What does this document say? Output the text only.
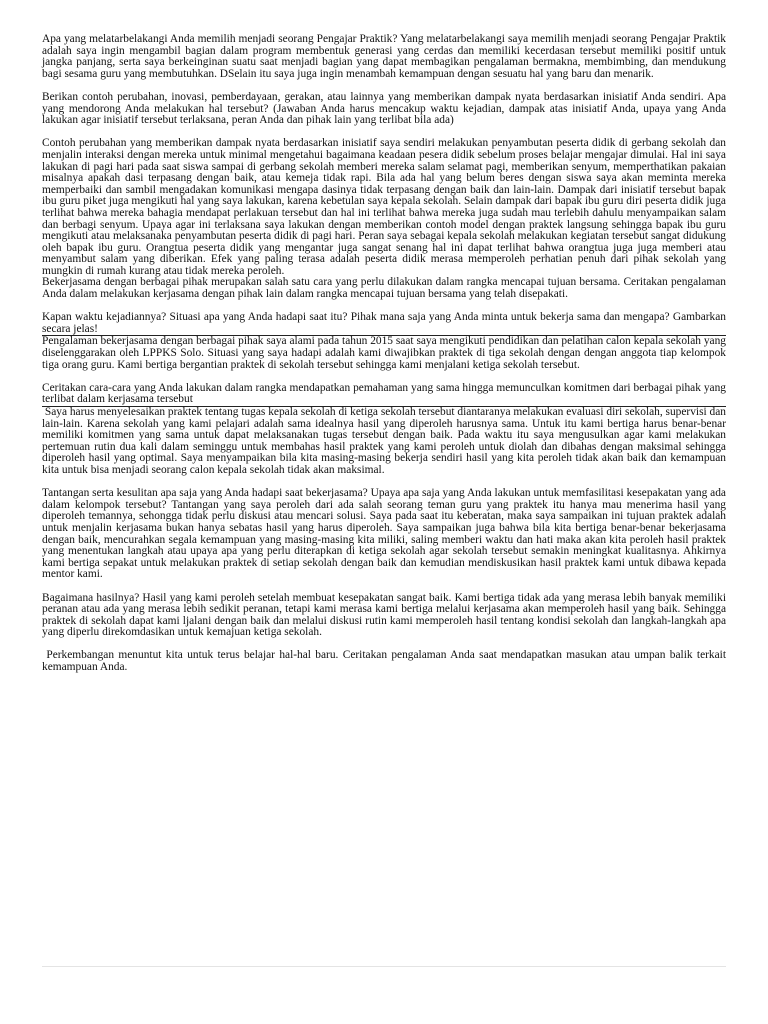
Apa yang melatarbelakangi Anda memilih menjadi seorang Pengajar Praktik? Yang melatarbelakangi saya memilih menjadi seorang Pengajar Praktik adalah saya ingin mengambil bagian dalam program membentuk generasi yang cerdas dan memiliki kecerdasan tersebut memiliki positif untuk jangka panjang, serta saya berkeinginan suatu saat menjadi bagian yang dapat membagikan pengalaman bermakna, membimbing, dan mendukung bagi sesama guru yang membutuhkan. DSelain itu saya juga ingin menambah kemampuan dengan sesuatu hal yang baru dan menarik.

Berikan contoh perubahan, inovasi, pemberdayaan, gerakan, atau lainnya yang memberikan dampak nyata berdasarkan inisiatif Anda sendiri. Apa yang mendorong Anda melakukan hal tersebut? (Jawaban Anda harus mencakup waktu kejadian, dampak atas inisiatif Anda, upaya yang Anda lakukan agar inisiatif tersebut terlaksana, peran Anda dan pihak lain yang terlibat bila ada)

Contoh perubahan yang memberikan dampak nyata berdasarkan inisiatif saya sendiri melakukan penyambutan peserta didik di gerbang sekolah dan menjalin interaksi dengan mereka untuk minimal mengetahui bagaimana keadaan pesera didik sebelum proses belajar mengajar dimulai. Hal ini saya lakukan di pagi hari pada saat siswa sampai di gerbang sekolah memberi mereka salam selamat pagi, memberikan senyum, memperthatikan pakaian misalnya apakah dasi terpasang dengan baik, atau kemeja tidak rapi. Bila ada hal yang belum beres dengan siswa saya akan meminta mereka memperbaiki dan sambil mengadakan komunikasi mengapa dasinya tidak terpasang dengan baik dan lain-lain. Dampak dari inisiatif tersebut bapak ibu guru piket juga mengikuti hal yang saya lakukan, karena kebetulan saya kepala sekolah. Selain dampak dari bapak ibu guru diri peserta didik juga terlihat bahwa mereka bahagia mendapat perlakuan tersebut dan hal ini terlihat bahwa mereka juga sudah mau terlebih dahulu menyampaikan salam dan berbagi senyum. Upaya agar ini terlaksana saya lakukan dengan memberikan contoh model dengan praktek langsung sehingga bapak ibu guru mengikuti atau melaksanaka penyambutan peserta didik di pagi hari. Peran saya sebagai kepala sekolah melakukan kegiatan tersebut sangat didukung oleh bapak ibu guru. Orangtua peserta didik yang mengantar juga sangat senang hal ini dapat terlihat bahwa orangtua juga juga memberi atau menyambut salam yang diberikan. Efek yang paling terasa adalah peserta didik merasa memperoleh perhatian penuh dari pihak sekolah yang mungkin di rumah kurang atau tidak mereka peroleh.

Bekerjasama dengan berbagai pihak merupakan salah satu cara yang perlu dilakukan dalam rangka mencapai tujuan bersama. Ceritakan pengalaman Anda dalam melakukan kerjasama dengan pihak lain dalam rangka mencapai tujuan bersama yang telah disepakati.

Kapan waktu kejadiannya? Situasi apa yang Anda hadapi saat itu? Pihak mana saja yang Anda minta untuk bekerja sama dan mengapa? Gambarkan secara jelas!

Pengalaman bekerjasama dengan berbagai pihak saya alami pada tahun 2015 saat saya mengikuti pendidikan dan pelatihan calon kepala sekolah yang diselenggarakan oleh LPPKS Solo. Situasi yang saya hadapi adalah kami diwajibkan praktek di tiga sekolah dengan dengan anggota tiap kelompok tiga orang guru. Kami bertiga bergantian praktek di sekolah tersebut sehingga kami menjalani ketiga sekolah tersebut.

Ceritakan cara-cara yang Anda lakukan dalam rangka mendapatkan pemahaman yang sama hingga memunculkan komitmen dari berbagai pihak yang terlibat dalam kerjasama tersebut

Saya harus menyelesaikan praktek tentang tugas kepala sekolah di ketiga sekolah tersebut diantaranya melakukan evaluasi diri sekolah, supervisi dan lain-lain. Karena sekolah yang kami pelajari adalah sama idealnya hasil yang diperoleh harusnya sama. Untuk itu kami bertiga harus benar-benar memiliki komitmen yang sama untuk dapat melaksanakan tugas tersebut dengan baik. Pada waktu itu saya mengusulkan agar kami melakukan pertemuan rutin dua kali dalam seminggu untuk membahas hasil praktek yang kami peroleh untuk diolah dan dibahas dengan maksimal sehingga diperoleh hasil yang optimal. Saya menyampaikan bila kita masing-masing bekerja sendiri hasil yang kita peroleh tidak akan baik dan kemampuan kita untuk bisa menjadi seorang calon kepala sekolah tidak akan maksimal.

Tantangan serta kesulitan apa saja yang Anda hadapi saat bekerjasama? Upaya apa saja yang Anda lakukan untuk memfasilitasi kesepakatan yang ada dalam kelompok tersebut? Tantangan yang saya peroleh dari ada salah seorang teman guru yang praktek itu hanya mau menerima hasil yang diperoleh temannya, sehongga tidak perlu diskusi atau mencari solusi. Saya pada saat itu keberatan, maka saya sampaikan ini tujuan praktek adalah untuk menjalin kerjasama bukan hanya sebatas hasil yang harus diperoleh. Saya sampaikan juga bahwa bila kita bertiga benar-benar bekerjasama dengan baik, mencurahkan segala kemampuan yang masing-masing kita miliki, saling memberi waktu dan hati maka akan kita peroleh hasil praktek yang menentukan langkah atau upaya apa yang perlu diterapkan di ketiga sekolah agar sekolah tersebut semakin meningkat kualitasnya. Ahkirnya kami bertiga sepakat untuk melakukan praktek di setiap sekolah dengan baik dan kemudian mendiskusikan hasil praktek kami untuk dibawa kepada mentor kami.

Bagaimana hasilnya? Hasil yang kami peroleh setelah membuat kesepakatan sangat baik. Kami bertiga tidak ada yang merasa lebih banyak memiliki peranan atau ada yang merasa lebih sedikit peranan, tetapi kami merasa kami bertiga melalui kerjasama akan memperoleh hasil yang baik. Sehingga praktek di sekolah dapat kami ljalani dengan baik dan melalui diskusi rutin kami memperoleh hasil tentang kondisi sekolah dan langkah-langkah apa yang diperlu direkomdasikan untuk kemajuan ketiga sekolah.

Perkembangan menuntut kita untuk terus belajar hal-hal baru. Ceritakan pengalaman Anda saat mendapatkan masukan atau umpan balik terkait kemampuan Anda.
